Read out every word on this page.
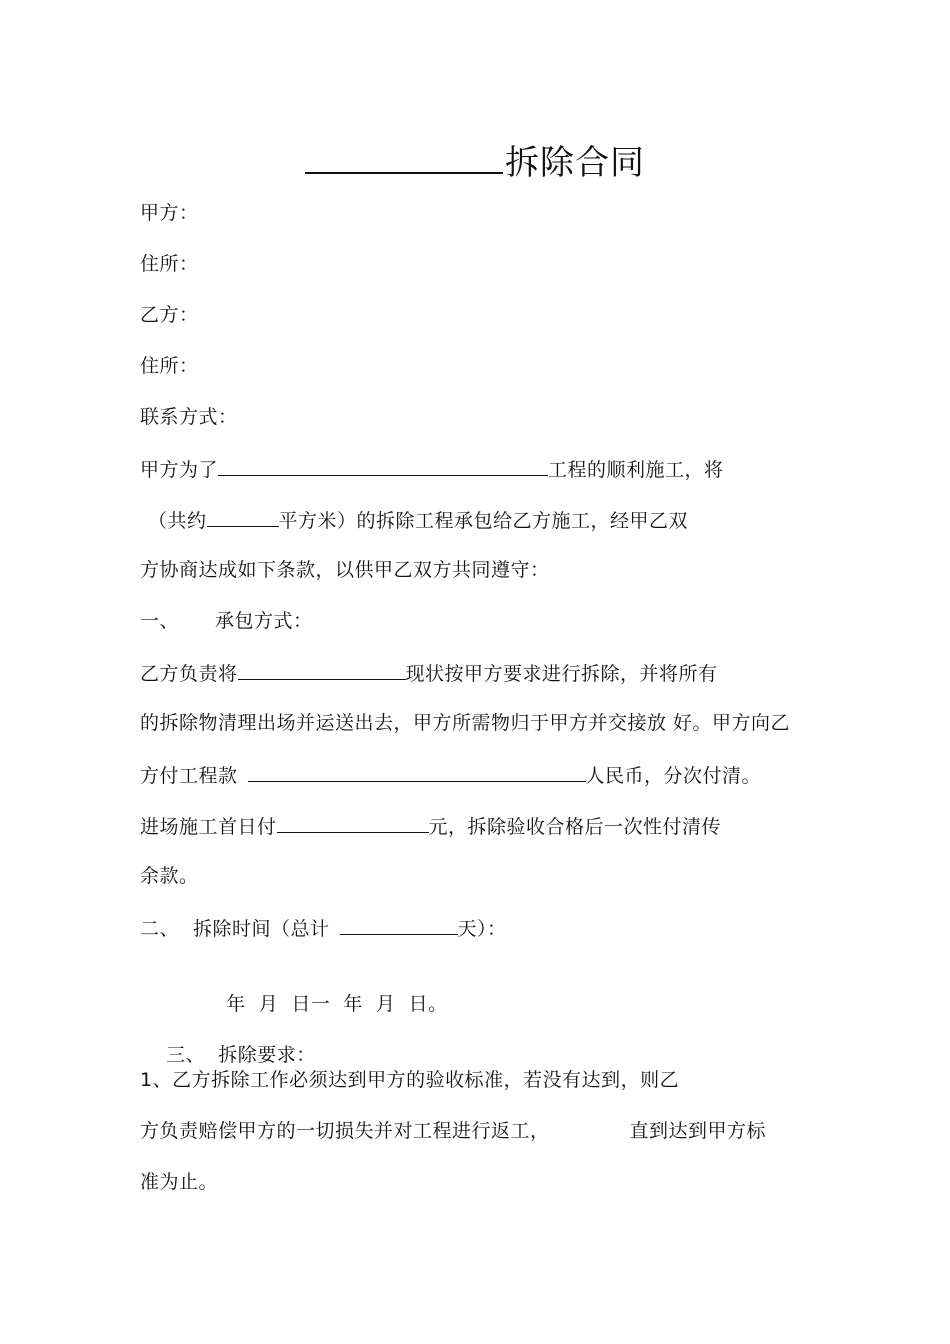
拆除合同
甲方：
住所：
乙方：
住所：
联系方式：
甲方为了	工程的顺利施工，将
（共约	平方米）的拆除工程承包给乙方施工，经甲乙双
方协商达成如下条款，以供甲乙双方共同遵守：
一、 承包方式：
乙方负责将	现状按甲方要求进行拆除，并将所有
的拆除物清理出场并运送出去，甲方所需物归于甲方并交接放 好。甲方向乙
方付工程款	人民币，分次付清。
进场施工首日付	元，拆除验收合格后一次性付清传
余款。
二、 拆除时间（总计	天）：

年  月  日一  年  月  日。

三、  拆除要求：

1、乙方拆除工作必须达到甲方的验收标准，若没有达到，则乙
方负责赔偿甲方的一切损失并对工程进行返工，	直到达到甲方标
准为止。
